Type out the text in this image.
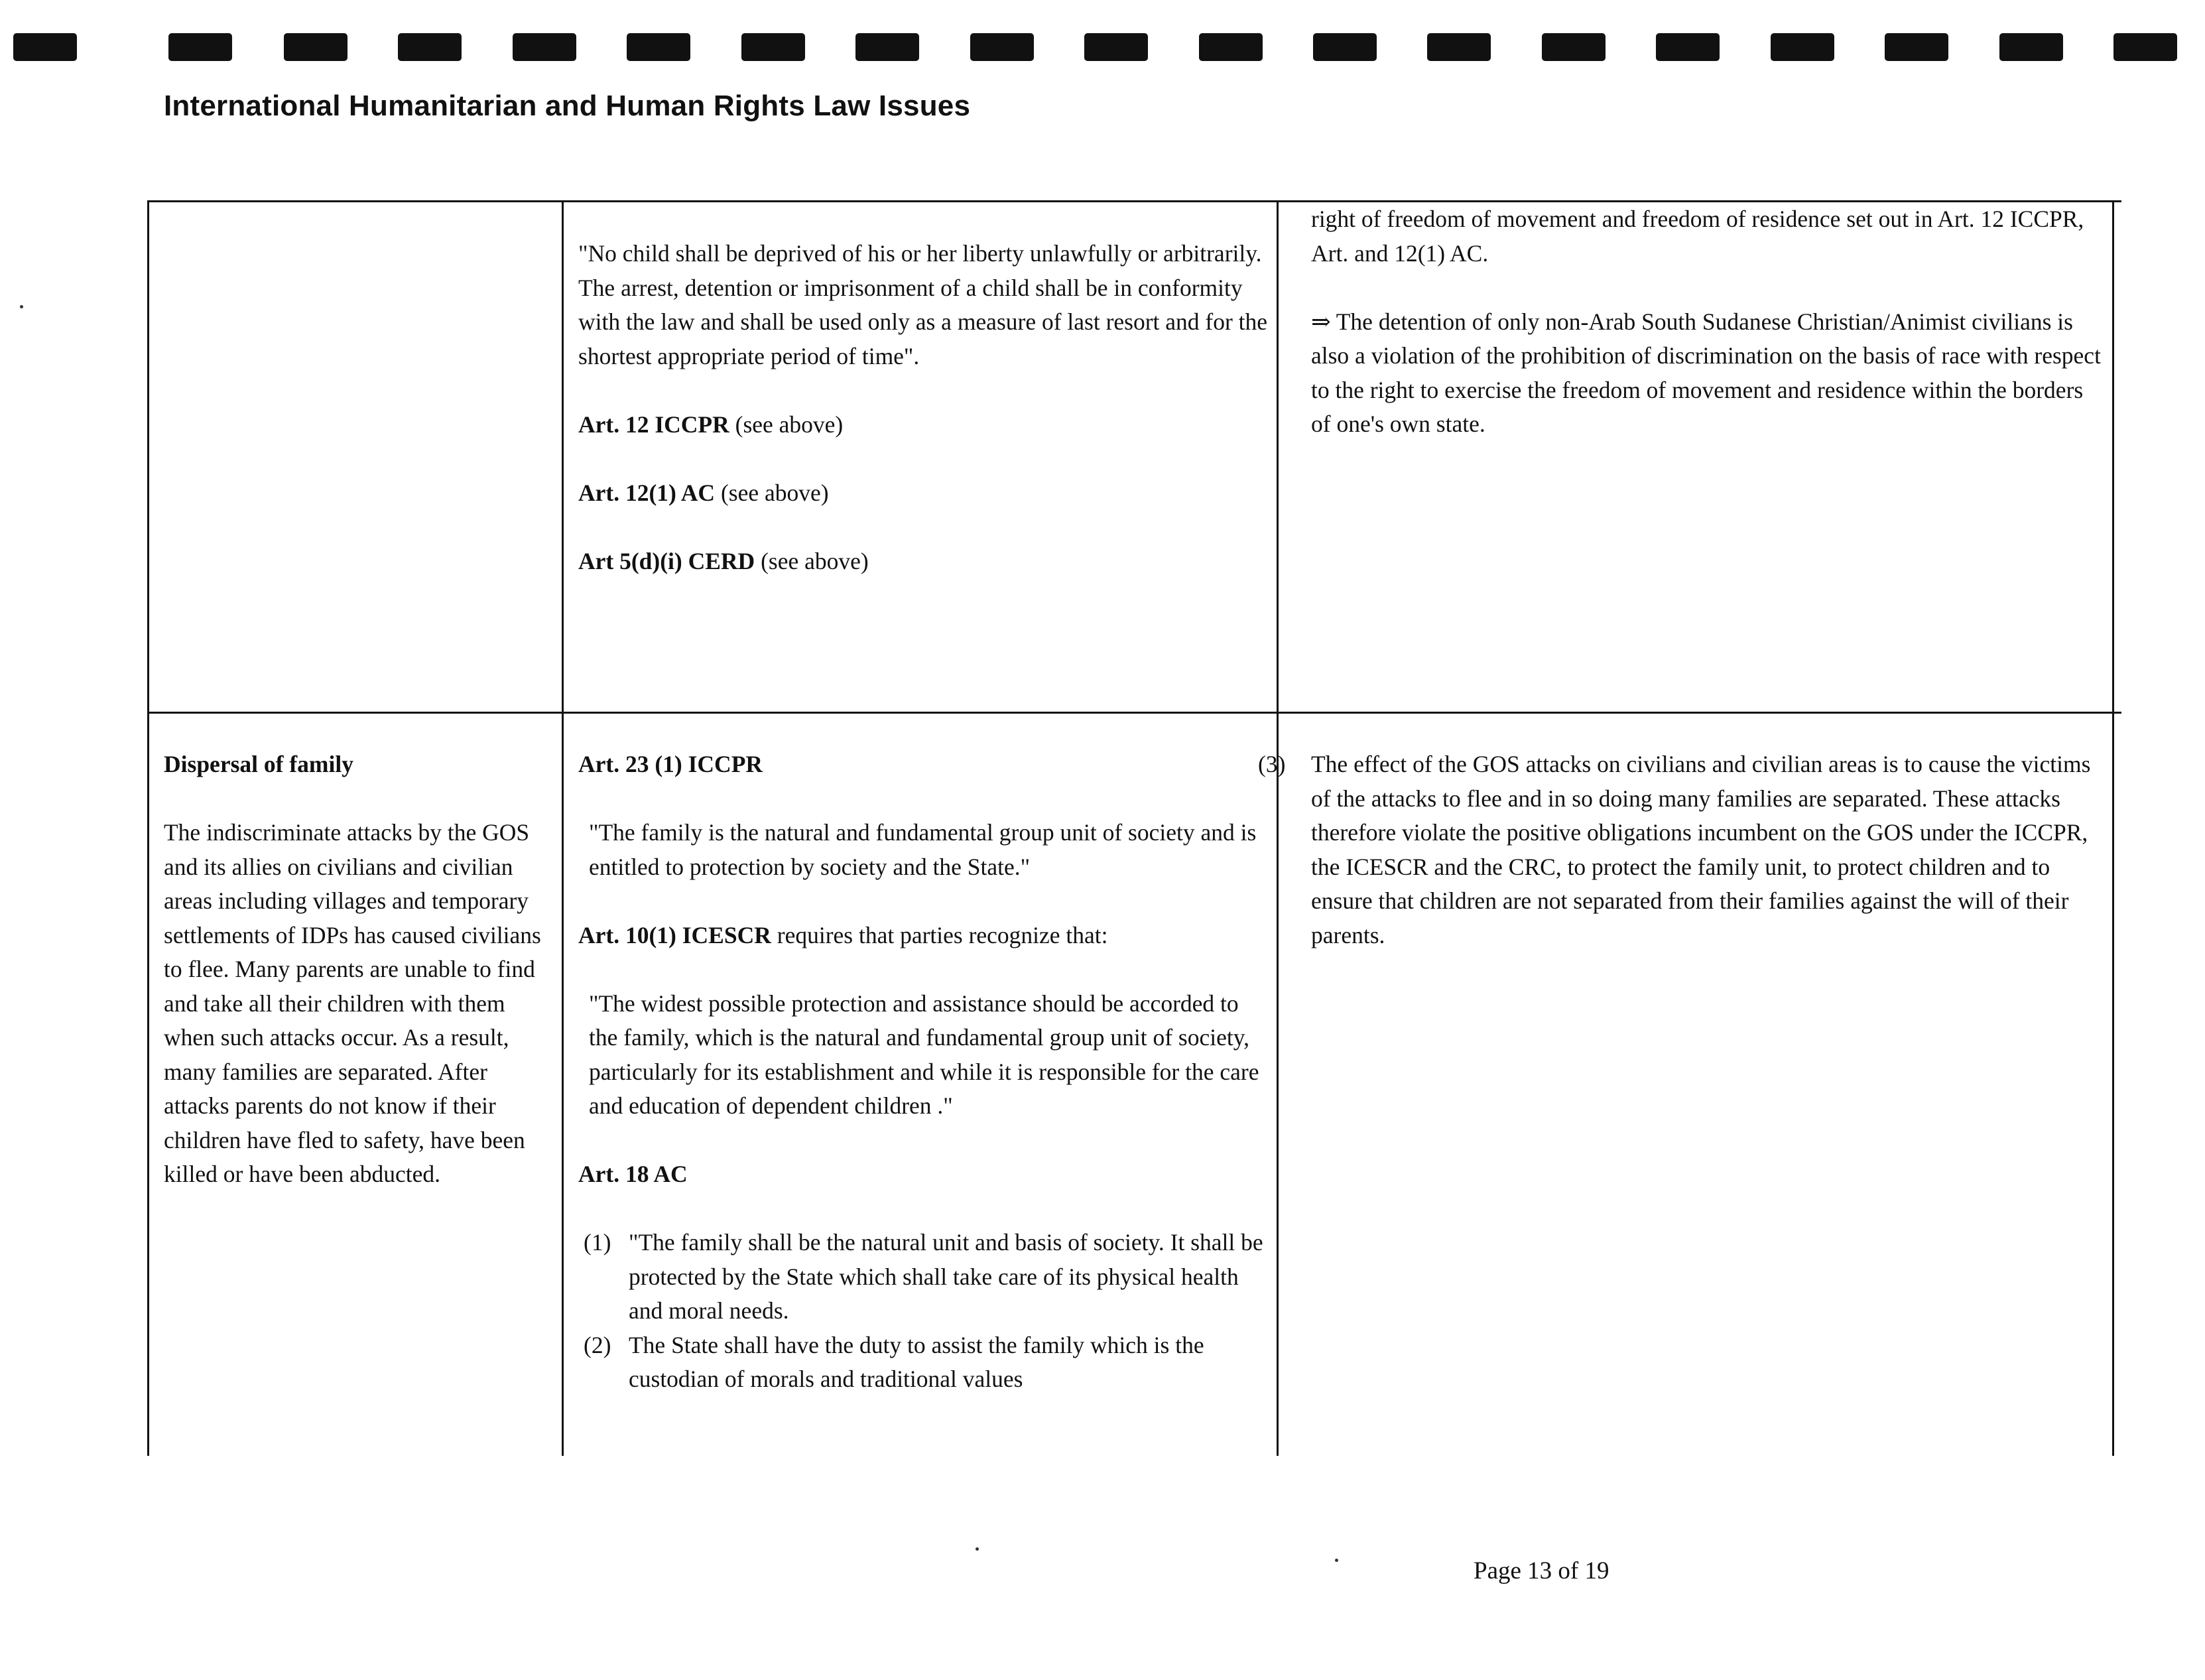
International Humanitarian and Human Rights Law Issues

"No child shall be deprived of his or her liberty unlawfully or arbitrarily. The arrest, detention or imprisonment of a child shall be in conformity with the law and shall be used only as a measure of last resort and for the shortest appropriate period of time".

Art. 12 ICCPR (see above)

Art. 12(1) AC (see above)

Art 5(d)(i) CERD (see above)

right of freedom of movement and freedom of residence set out in Art. 12 ICCPR, Art. and 12(1) AC.

⇒ The detention of only non-Arab South Sudanese Christian/Animist civilians is also a violation of the prohibition of discrimination on the basis of race with respect to the right to exercise the freedom of movement and residence within the borders of one's own state.

Dispersal of family

The indiscriminate attacks by the GOS and its allies on civilians and civilian areas including villages and temporary settlements of IDPs has caused civilians to flee. Many parents are unable to find and take all their children with them when such attacks occur. As a result, many families are separated. After attacks parents do not know if their children have fled to safety, have been killed or have been abducted.

Art. 23 (1) ICCPR

"The family is the natural and fundamental group unit of society and is entitled to protection by society and the State."

Art. 10(1) ICESCR requires that parties recognize that:

"The widest possible protection and assistance should be accorded to the family, which is the natural and fundamental group unit of society, particularly for its establishment and while it is responsible for the care and education of dependent children ."

Art. 18 AC

(1) "The family shall be the natural unit and basis of society. It shall be protected by the State which shall take care of its physical health and moral needs.

(2) The State shall have the duty to assist the family which is the custodian of morals and traditional values

(3) The effect of the GOS attacks on civilians and civilian areas is to cause the victims of the attacks to flee and in so doing many families are separated. These attacks therefore violate the positive obligations incumbent on the GOS under the ICCPR, the ICESCR and the CRC, to protect the family unit, to protect children and to ensure that children are not separated from their families against the will of their parents.

Page 13 of 19
